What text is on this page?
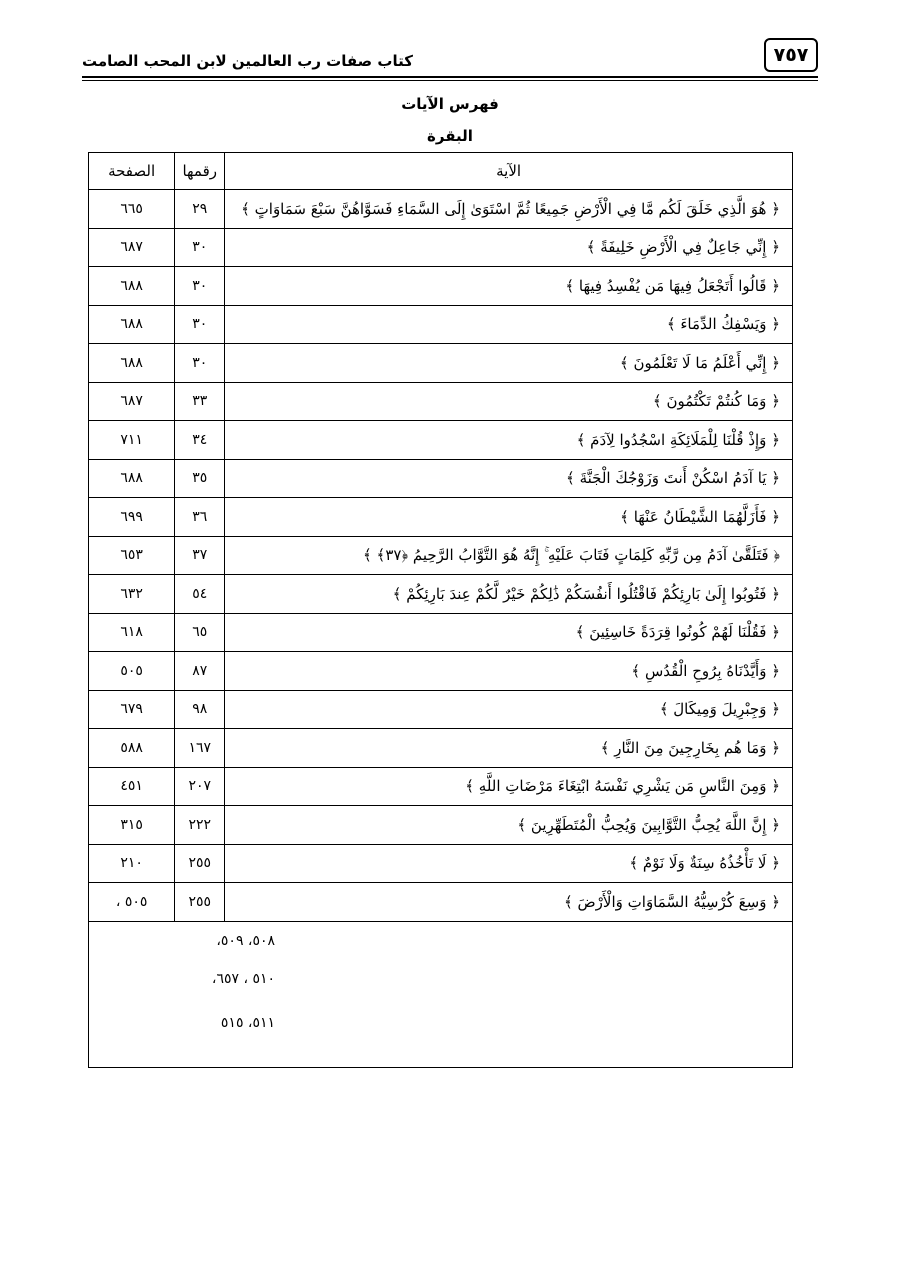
٧٥٧
كتاب صفات رب العالمين لابن المحب الصامت
فهرس الآيات
البقرة
الآية	رقمها	الصفحة
﴿ هُوَ الَّذِي خَلَقَ لَكُم مَّا فِي الْأَرْضِ جَمِيعًا ثُمَّ اسْتَوَىٰ إِلَى السَّمَاءِ فَسَوَّاهُنَّ سَبْعَ سَمَاوَاتٍ ﴾	٢٩	٦٦٥
﴿ إِنِّي جَاعِلٌ فِي الْأَرْضِ خَلِيفَةً ﴾	٣٠	٦٨٧
﴿ قَالُوا أَتَجْعَلُ فِيهَا مَن يُفْسِدُ فِيهَا ﴾	٣٠	٦٨٨
﴿ وَيَسْفِكُ الدِّمَاءَ ﴾	٣٠	٦٨٨
﴿ إِنِّي أَعْلَمُ مَا لَا تَعْلَمُونَ ﴾	٣٠	٦٨٨
﴿ وَمَا كُنتُمْ تَكْتُمُونَ ﴾	٣٣	٦٨٧
﴿ وَإِذْ قُلْنَا لِلْمَلَائِكَةِ اسْجُدُوا لِآدَمَ ﴾	٣٤	٧١١
﴿ يَا آدَمُ اسْكُنْ أَنتَ وَزَوْجُكَ الْجَنَّةَ ﴾	٣٥	٦٨٨
﴿ فَأَزَلَّهُمَا الشَّيْطَانُ عَنْهَا ﴾	٣٦	٦٩٩
﴿ فَتَلَقَّىٰ آدَمُ مِن رَّبِّهِ كَلِمَاتٍ فَتَابَ عَلَيْهِ ۚ إِنَّهُ هُوَ التَّوَّابُ الرَّحِيمُ ﴿٣٧﴾ ﴾	٣٧	٦٥٣
﴿ فَتُوبُوا إِلَىٰ بَارِئِكُمْ فَاقْتُلُوا أَنفُسَكُمْ ذَٰلِكُمْ خَيْرٌ لَّكُمْ عِندَ بَارِئِكُمْ ﴾	٥٤	٦٣٢
﴿ فَقُلْنَا لَهُمْ كُونُوا قِرَدَةً خَاسِئِينَ ﴾	٦٥	٦١٨
﴿ وَأَيَّدْنَاهُ بِرُوحِ الْقُدُسِ ﴾	٨٧	٥٠٥
﴿ وَجِبْرِيلَ وَمِيكَالَ ﴾	٩٨	٦٧٩
﴿ وَمَا هُم بِخَارِجِينَ مِنَ النَّارِ ﴾	١٦٧	٥٨٨
﴿ وَمِنَ النَّاسِ مَن يَشْرِي نَفْسَهُ ابْتِغَاءَ مَرْضَاتِ اللَّهِ ﴾	٢٠٧	٤٥١
﴿ إِنَّ اللَّهَ يُحِبُّ التَّوَّابِينَ وَيُحِبُّ الْمُتَطَهِّرِينَ ﴾	٢٢٢	٣١٥
﴿ لَا تَأْخُذُهُ سِنَةٌ وَلَا نَوْمٌ ﴾	٢٥٥	٢١٠
﴿ وَسِعَ كُرْسِيُّهُ السَّمَاوَاتِ وَالْأَرْضَ ﴾	٢٥٥	٥٠٥ ،
٥٠٨، ٥٠٩،
٥١٠ ، ٦٥٧،
٥١١، ٥١٥
